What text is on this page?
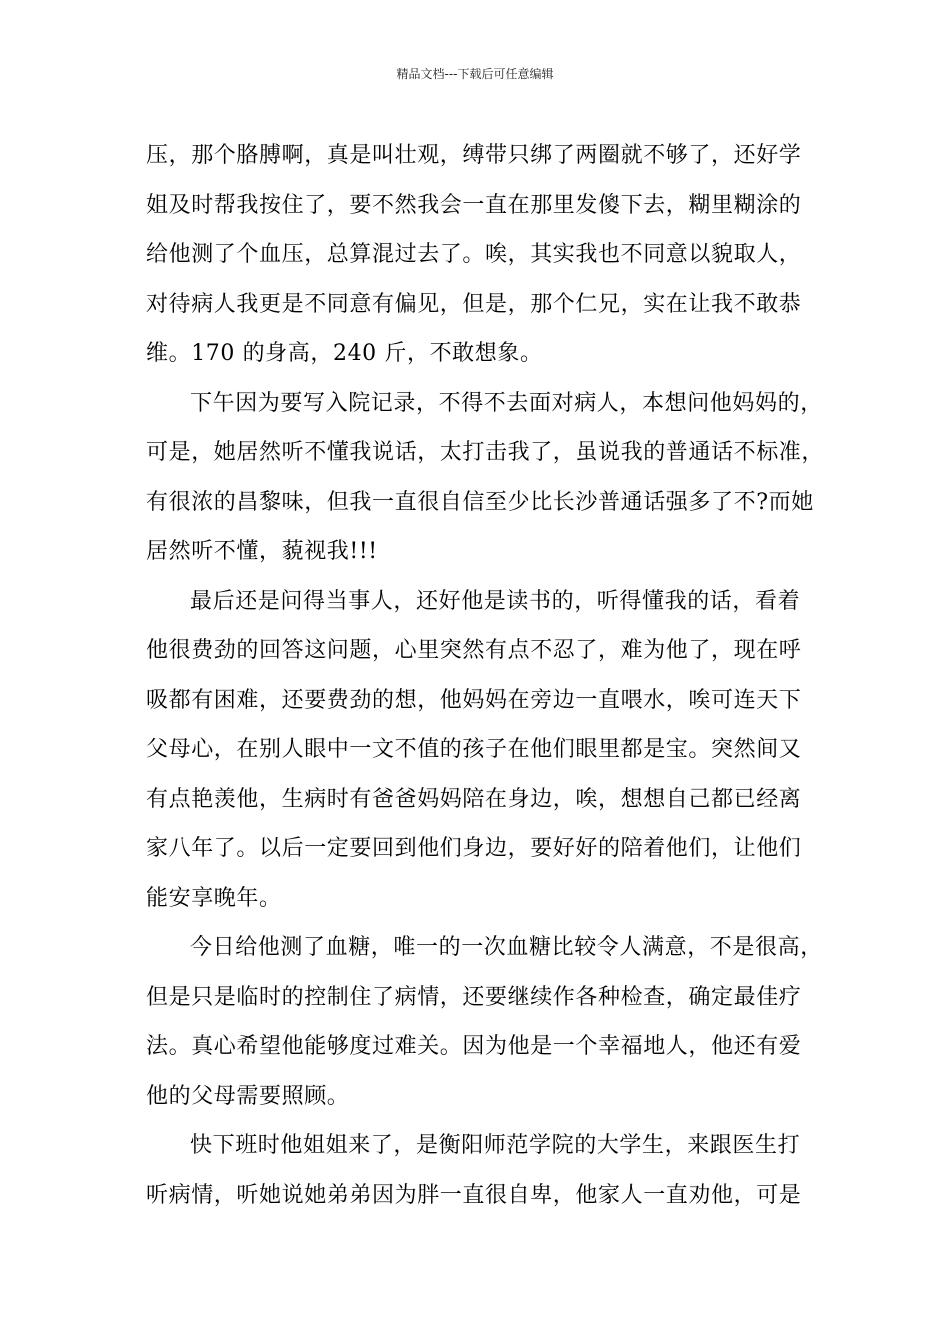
精品文档---下载后可任意编辑
压，那个胳膊啊，真是叫壮观，缚带只绑了两圈就不够了，还好学
姐及时帮我按住了，要不然我会一直在那里发傻下去，糊里糊涂的
给他测了个血压，总算混过去了。唉，其实我也不同意以貌取人，
对待病人我更是不同意有偏见，但是，那个仁兄，实在让我不敢恭
维。170 的身高，240 斤，不敢想象。
下午因为要写入院记录，不得不去面对病人，本想问他妈妈的，
可是，她居然听不懂我说话，太打击我了，虽说我的普通话不标准，
有很浓的昌黎味，但我一直很自信至少比长沙普通话强多了不?而她
居然听不懂，藐视我!!!
最后还是问得当事人，还好他是读书的，听得懂我的话，看着
他很费劲的回答这问题，心里突然有点不忍了，难为他了，现在呼
吸都有困难，还要费劲的想，他妈妈在旁边一直喂水，唉可连天下
父母心，在别人眼中一文不值的孩子在他们眼里都是宝。突然间又
有点艳羡他，生病时有爸爸妈妈陪在身边，唉，想想自己都已经离
家八年了。以后一定要回到他们身边，要好好的陪着他们，让他们
能安享晚年。
今日给他测了血糖，唯一的一次血糖比较令人满意，不是很高，
但是只是临时的控制住了病情，还要继续作各种检查，确定最佳疗
法。真心希望他能够度过难关。因为他是一个幸福地人，他还有爱
他的父母需要照顾。
快下班时他姐姐来了，是衡阳师范学院的大学生，来跟医生打
听病情，听她说她弟弟因为胖一直很自卑，他家人一直劝他，可是
